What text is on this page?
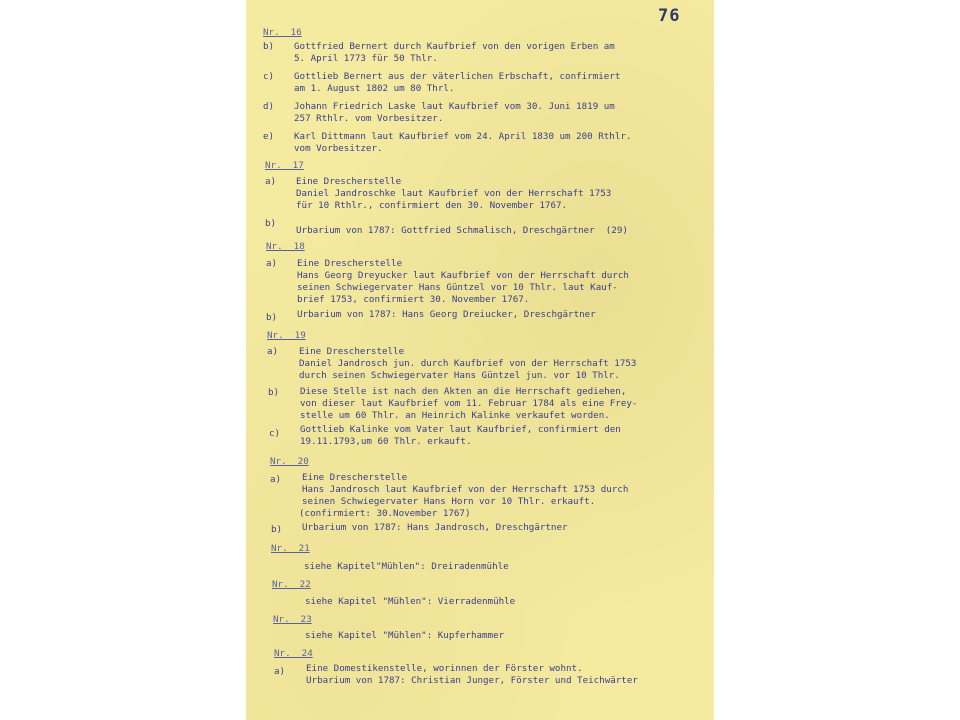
76
Nr.  16
b) Gottfried Bernert durch Kaufbrief von den vorigen Erben am
5. April 1773 für 50 Thlr.
c) Gottlieb Bernert aus der väterlichen Erbschaft, confirmiert
am 1. August 1802 um 80 Thrl.
d) Johann Friedrich Laske laut Kaufbrief vom 30. Juni 1819 um
257 Rthlr. vom Vorbesitzer.
e) Karl Dittmann laut Kaufbrief vom 24. April 1830 um 200 Rthlr.
vom Vorbesitzer.
Nr.  17
a) Eine Drescherstelle
Daniel Jandroschke laut Kaufbrief von der Herrschaft 1753
für 10 Rthlr., confirmiert den 30. November 1767.
b)
Urbarium von 1787: Gottfried Schmalisch, Dreschgärtner  (29)
Nr.  18
a) Eine Drescherstelle
Hans Georg Dreyucker laut Kaufbrief von der Herrschaft durch
seinen Schwiegervater Hans Güntzel vor 10 Thlr. laut Kauf-
brief 1753, confirmiert 30. November 1767.
b) Urbarium von 1787: Hans Georg Dreiucker, Dreschgärtner
Nr.  19
a) Eine Drescherstelle
Daniel Jandrosch jun. durch Kaufbrief von der Herrschaft 1753
durch seinen Schwiegervater Hans Güntzel jun. vor 10 Thlr.
b) Diese Stelle ist nach den Akten an die Herrschaft gediehen,
von dieser laut Kaufbrief vom 11. Februar 1784 als eine Frey-
stelle um 60 Thlr. an Heinrich Kalinke verkaufet worden.
c) Gottlieb Kalinke vom Vater laut Kaufbrief, confirmiert den
19.11.1793,um 60 Thlr. erkauft.
Nr.  20
a) Eine Drescherstelle
Hans Jandrosch laut Kaufbrief von der Herrschaft 1753 durch
seinen Schwiegervater Hans Horn vor 10 Thlr. erkauft.
(confirmiert: 30.November 1767)
b) Urbarium von 1787: Hans Jandrosch, Dreschgärtner
Nr.  21
siehe Kapitel"Mühlen": Dreiradenmühle
Nr.  22
siehe Kapitel "Mühlen": Vierradenmühle
Nr.  23
siehe Kapitel "Mühlen": Kupferhammer
Nr.  24
a) Eine Domestikenstelle, worinnen der Förster wohnt.
Urbarium von 1787: Christian Junger, Förster und Teichwärter
